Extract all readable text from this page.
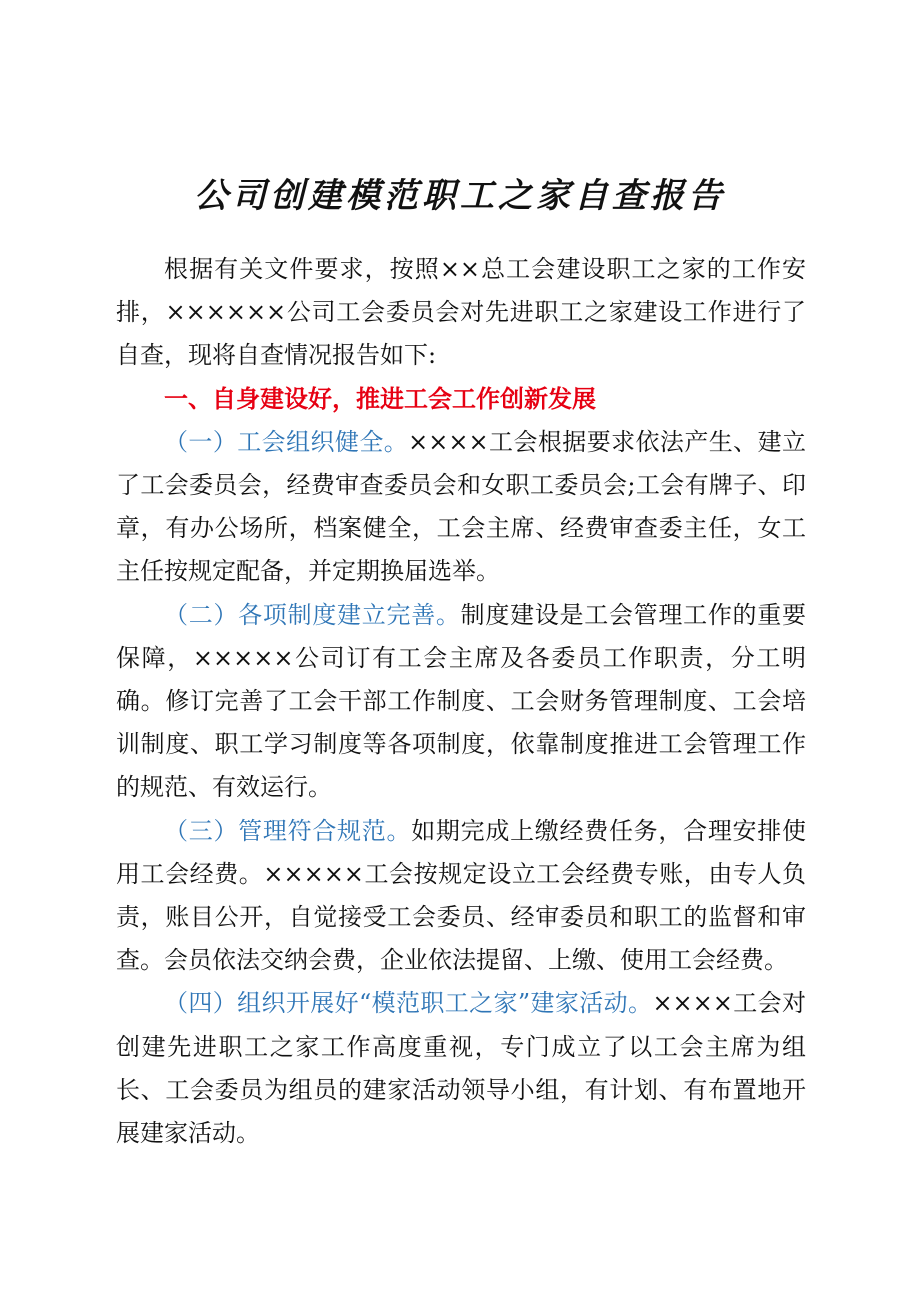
公司创建模范职工之家自查报告

根据有关文件要求，按照××总工会建设职工之家的工作安排，××××××公司工会委员会对先进职工之家建设工作进行了自查，现将自查情况报告如下:

一、自身建设好，推进工会工作创新发展

（一）工会组织健全。××××工会根据要求依法产生、建立了工会委员会，经费审查委员会和女职工委员会;工会有牌子、印章，有办公场所，档案健全，工会主席、经费审查委主任，女工主任按规定配备，并定期换届选举。

（二）各项制度建立完善。制度建设是工会管理工作的重要保障，×××××公司订有工会主席及各委员工作职责，分工明确。修订完善了工会干部工作制度、工会财务管理制度、工会培训制度、职工学习制度等各项制度，依靠制度推进工会管理工作的规范、有效运行。

（三）管理符合规范。如期完成上缴经费任务，合理安排使用工会经费。×××××工会按规定设立工会经费专账，由专人负责，账目公开，自觉接受工会委员、经审委员和职工的监督和审查。会员依法交纳会费，企业依法提留、上缴、使用工会经费。

（四）组织开展好“模范职工之家”建家活动。××××工会对创建先进职工之家工作高度重视，专门成立了以工会主席为组长、工会委员为组员的建家活动领导小组，有计划、有布置地开展建家活动。
